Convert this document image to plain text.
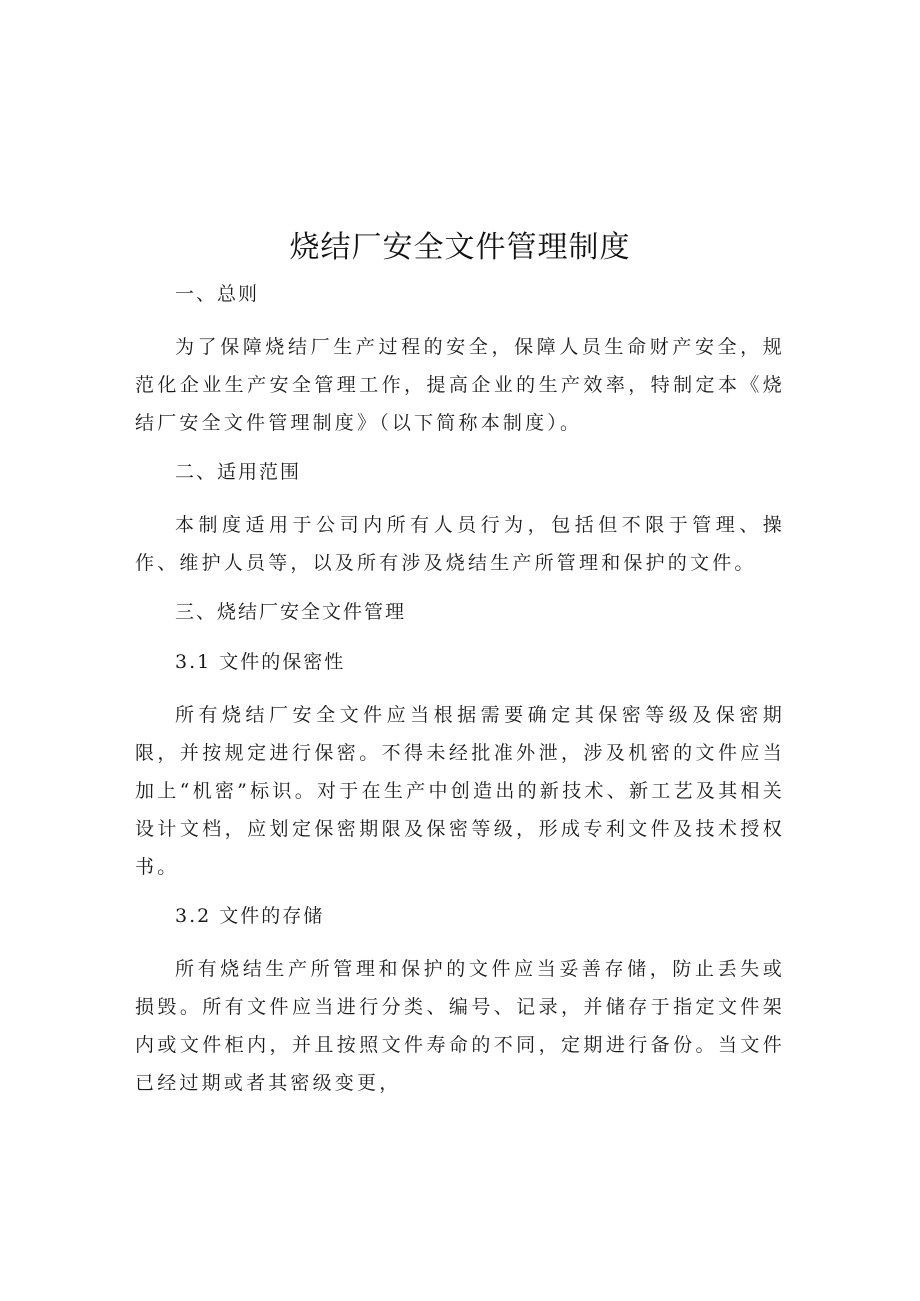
烧结厂安全文件管理制度

一、总则

为了保障烧结厂生产过程的安全，保障人员生命财产安全，规范化企业生产安全管理工作，提高企业的生产效率，特制定本《烧结厂安全文件管理制度》（以下简称本制度）。

二、适用范围

本制度适用于公司内所有人员行为，包括但不限于管理、操作、维护人员等，以及所有涉及烧结生产所管理和保护的文件。

三、烧结厂安全文件管理

3.1 文件的保密性

所有烧结厂安全文件应当根据需要确定其保密等级及保密期限，并按规定进行保密。不得未经批准外泄，涉及机密的文件应当加上“机密”标识。对于在生产中创造出的新技术、新工艺及其相关设计文档，应划定保密期限及保密等级，形成专利文件及技术授权书。

3.2 文件的存储

所有烧结生产所管理和保护的文件应当妥善存储，防止丢失或损毁。所有文件应当进行分类、编号、记录，并储存于指定文件架内或文件柜内，并且按照文件寿命的不同，定期进行备份。当文件已经过期或者其密级变更，
